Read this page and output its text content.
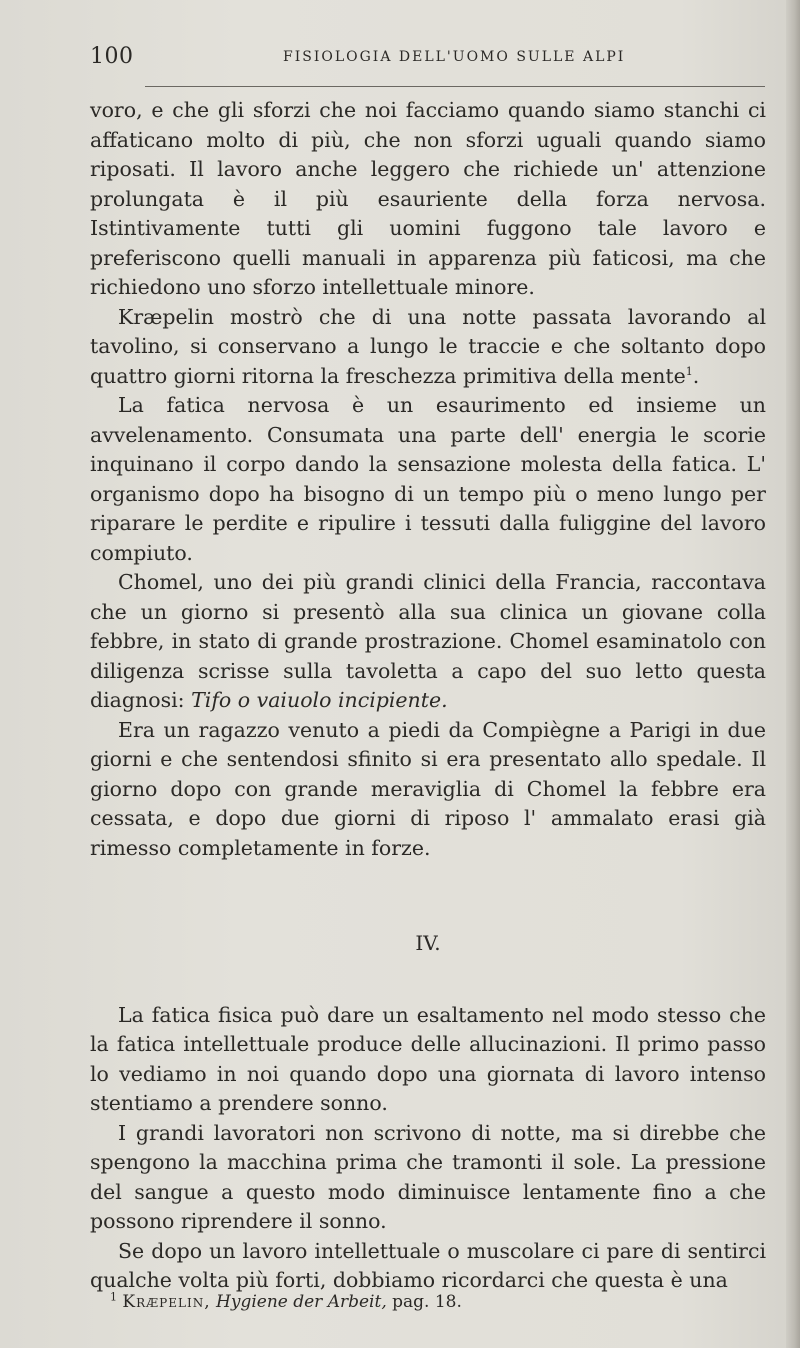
100	FISIOLOGIA DELL'UOMO SULLE ALPI

voro, e che gli sforzi che noi facciamo quando siamo stanchi ci affaticano molto di più, che non sforzi uguali quando siamo riposati. Il lavoro anche leggero che richiede un' attenzione prolungata è il più esauriente della forza nervosa. Istintivamente tutti gli uomini fuggono tale lavoro e preferiscono quelli manuali in apparenza più faticosi, ma che richiedono uno sforzo intellettuale minore.

Kræpelin mostrò che di una notte passata lavorando al tavolino, si conservano a lungo le traccie e che soltanto dopo quattro giorni ritorna la freschezza primitiva della mente$^1$.

La fatica nervosa è un esaurimento ed insieme un avvelenamento. Consumata una parte dell' energia le scorie inquinano il corpo dando la sensazione molesta della fatica. L' organismo dopo ha bisogno di un tempo più o meno lungo per riparare le perdite e ripulire i tessuti dalla fuliggine del lavoro compiuto.

Chomel, uno dei più grandi clinici della Francia, raccontava che un giorno si presentò alla sua clinica un giovane colla febbre, in stato di grande prostrazione. Chomel esaminatolo con diligenza scrisse sulla tavoletta a capo del suo letto questa diagnosi: Tifo o vaiuolo incipiente.

Era un ragazzo venuto a piedi da Compiègne a Parigi in due giorni e che sentendosi sfinito si era presentato allo spedale. Il giorno dopo con grande meraviglia di Chomel la febbre era cessata, e dopo due giorni di riposo l' ammalato erasi già rimesso completamente in forze.

IV.

La fatica fisica può dare un esaltamento nel modo stesso che la fatica intellettuale produce delle allucinazioni. Il primo passo lo vediamo in noi quando dopo una giornata di lavoro intenso stentiamo a prendere sonno.

I grandi lavoratori non scrivono di notte, ma si direbbe che spengono la macchina prima che tramonti il sole. La pressione del sangue a questo modo diminuisce lentamente fino a che possono riprendere il sonno.

Se dopo un lavoro intellettuale o muscolare ci pare di sentirci qualche volta più forti, dobbiamo ricordarci che questa è una

$^1$ Kræpelin, Hygiene der Arbeit, pag. 18.
